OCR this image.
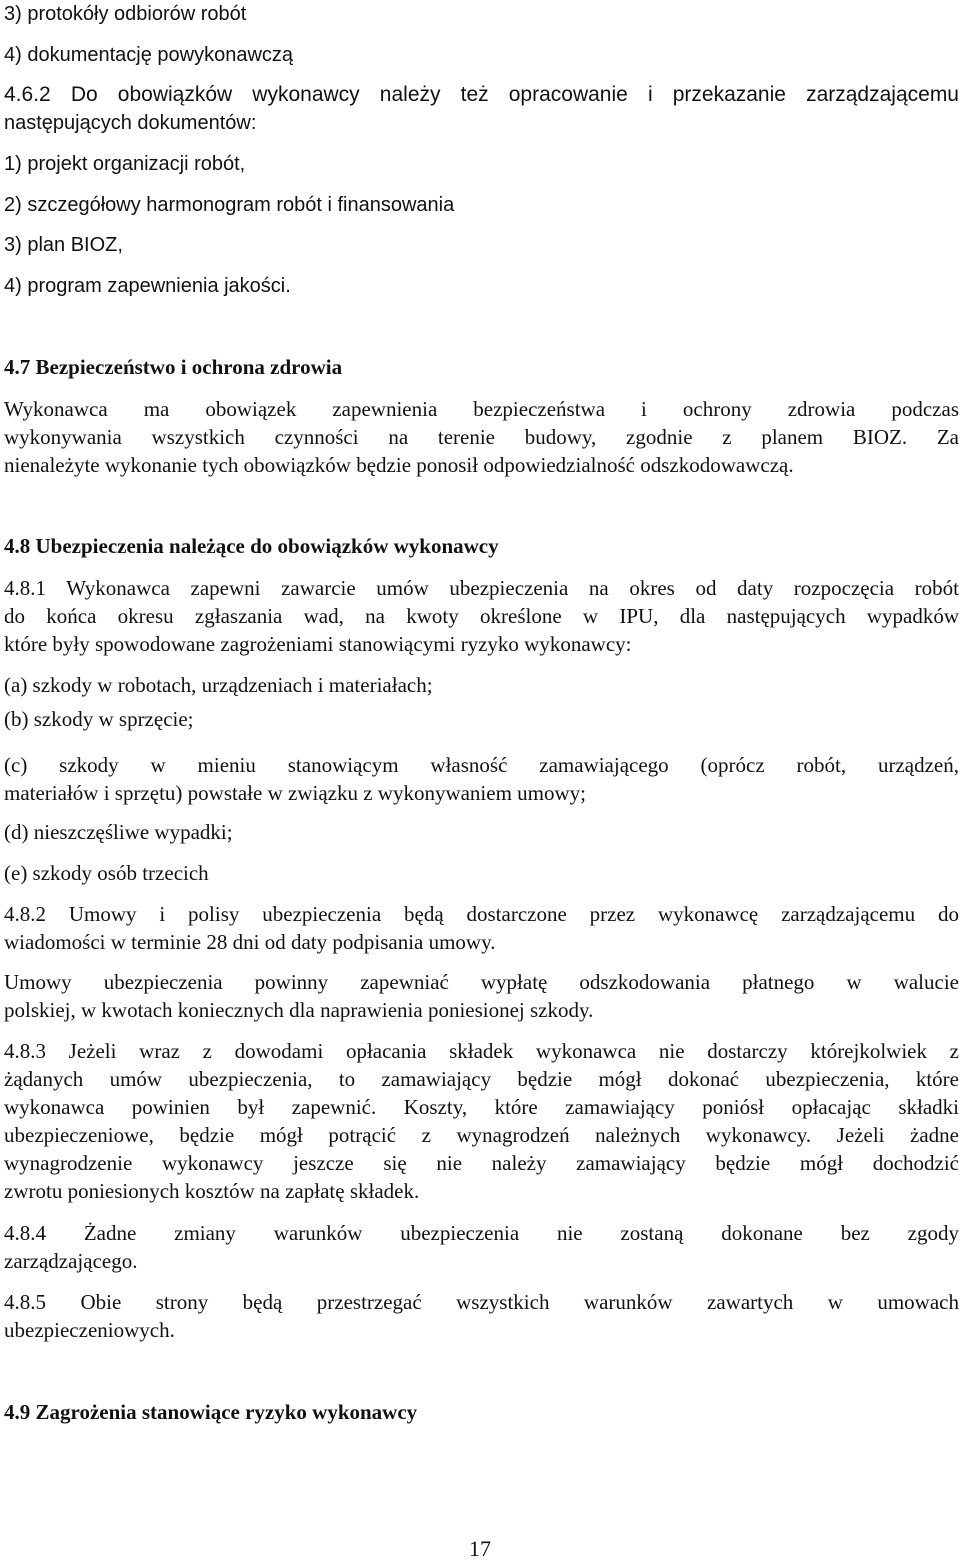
3) protokóły odbiorów robót

4) dokumentację powykonawczą

4.6.2 Do obowiązków wykonawcy należy też opracowanie i przekazanie zarządzającemu

następujących dokumentów:

1) projekt organizacji robót,

2) szczegółowy harmonogram robót i finansowania

3) plan BIOZ,

4) program zapewnienia jakości.

4.7 Bezpieczeństwo i ochrona zdrowia

Wykonawca ma obowiązek zapewnienia bezpieczeństwa i ochrony zdrowia podczas

wykonywania wszystkich czynności na terenie budowy, zgodnie z planem BIOZ. Za

nienależyte wykonanie tych obowiązków będzie ponosił odpowiedzialność odszkodowawczą.

4.8 Ubezpieczenia należące do obowiązków wykonawcy

4.8.1 Wykonawca zapewni zawarcie umów ubezpieczenia na okres od daty rozpoczęcia robót

do końca okresu zgłaszania wad, na kwoty określone w IPU, dla następujących wypadków

które były spowodowane zagrożeniami stanowiącymi ryzyko wykonawcy:

(a) szkody w robotach, urządzeniach i materiałach;

(b) szkody w sprzęcie;

(c) szkody w mieniu stanowiącym własność zamawiającego (oprócz robót, urządzeń,

materiałów i sprzętu) powstałe w związku z wykonywaniem umowy;

(d) nieszczęśliwe wypadki;

(e) szkody osób trzecich

4.8.2 Umowy i polisy ubezpieczenia będą dostarczone przez wykonawcę zarządzającemu do

wiadomości w terminie 28 dni od daty podpisania umowy.

Umowy ubezpieczenia powinny zapewniać wypłatę odszkodowania płatnego w walucie

polskiej, w kwotach koniecznych dla naprawienia poniesionej szkody.

4.8.3 Jeżeli wraz z dowodami opłacania składek wykonawca nie dostarczy którejkolwiek z

żądanych umów ubezpieczenia, to zamawiający będzie mógł dokonać ubezpieczenia, które

wykonawca powinien był zapewnić. Koszty, które zamawiający poniósł opłacając składki

ubezpieczeniowe, będzie mógł potrącić z wynagrodzeń należnych wykonawcy. Jeżeli żadne

wynagrodzenie wykonawcy jeszcze się nie należy zamawiający będzie mógł dochodzić

zwrotu poniesionych kosztów na zapłatę składek.

4.8.4 Żadne zmiany warunków ubezpieczenia nie zostaną dokonane bez zgody

zarządzającego.

4.8.5 Obie strony będą przestrzegać wszystkich warunków zawartych w umowach

ubezpieczeniowych.

4.9 Zagrożenia stanowiące ryzyko wykonawcy

17
